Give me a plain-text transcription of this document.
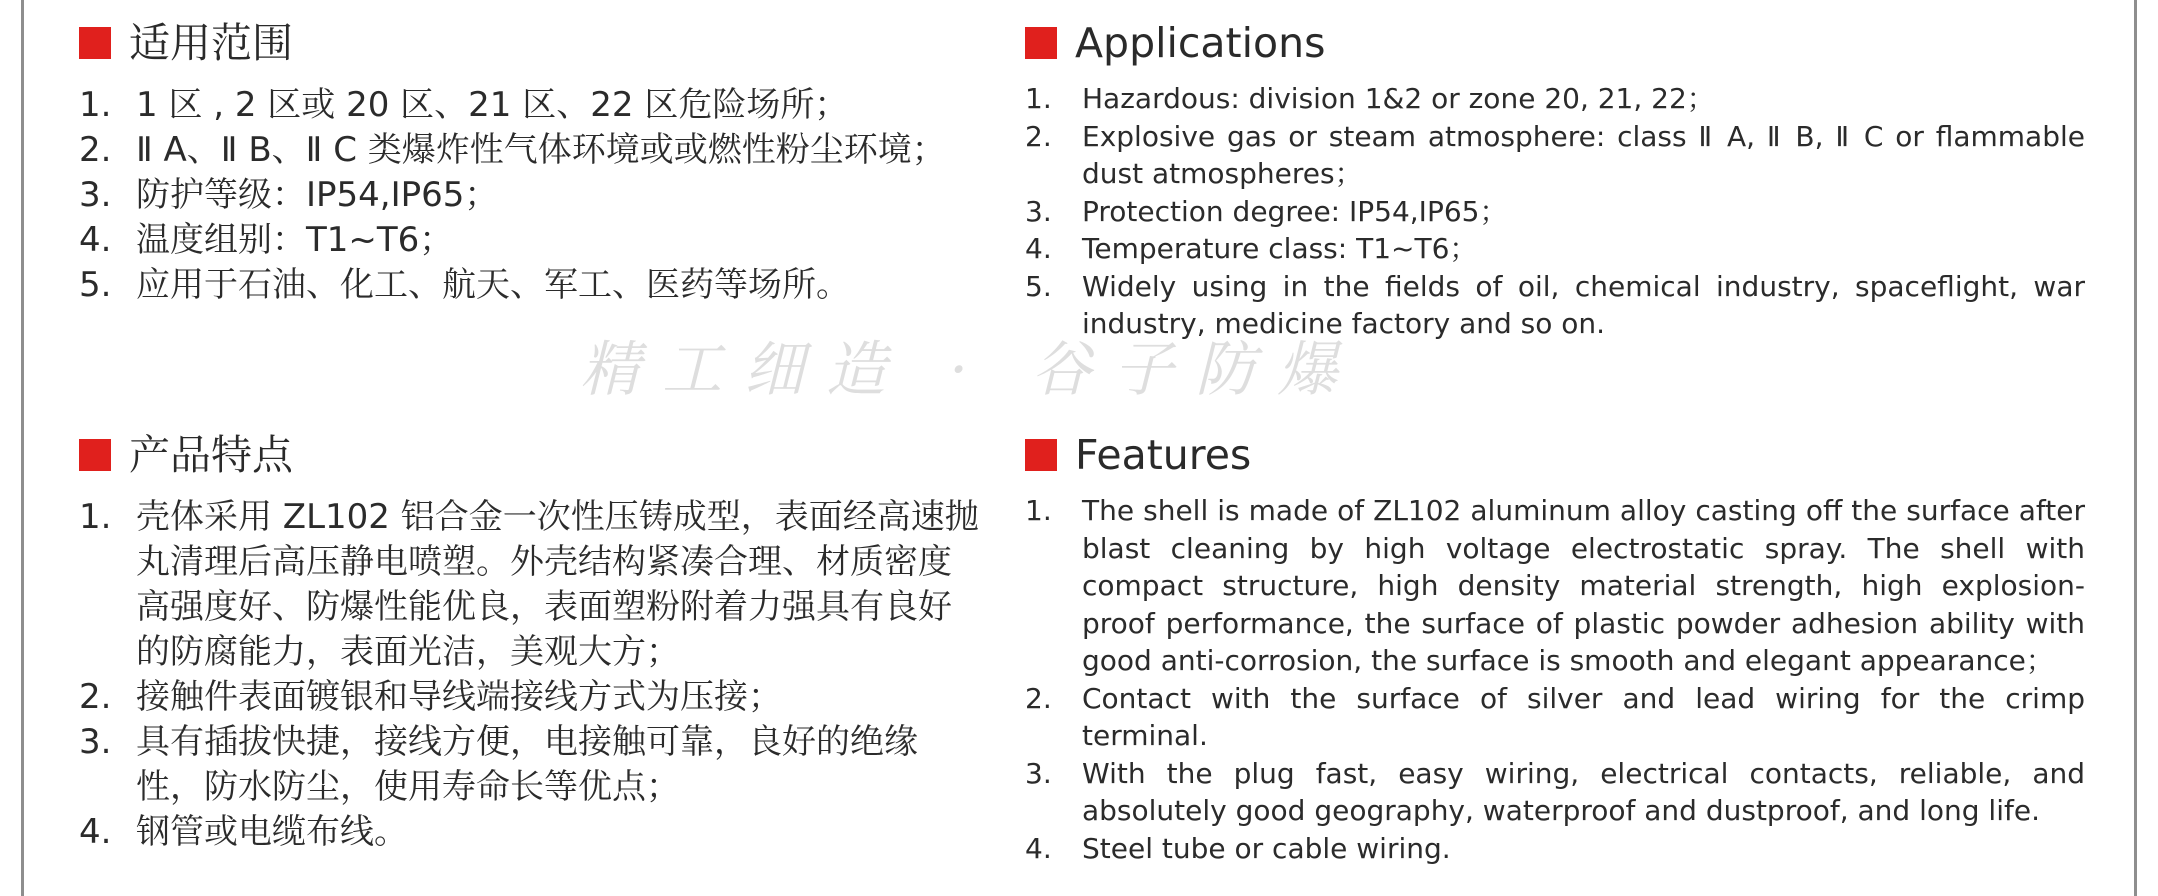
适用范围
1. 1 区 , 2 区或 20 区、21 区、22 区危险场所；
2. Ⅱ A、Ⅱ B、Ⅱ C 类爆炸性气体环境或或燃性粉尘环境；
3. 防护等级：IP54,IP65；
4. 温度组别：T1~T6；
5. 应用于石油、化工、航天、军工、医药等场所。
产品特点
1. 壳体采用 ZL102 铝合金一次性压铸成型，表面经高速抛丸清理后高压静电喷塑。外壳结构紧凑合理、材质密度高强度好、防爆性能优良，表面塑粉附着力强具有良好的防腐能力，表面光洁，美观大方；
2. 接触件表面镀银和导线端接线方式为压接；
3. 具有插拔快捷，接线方便，电接触可靠，良好的绝缘性，防水防尘，使用寿命长等优点；
4. 钢管或电缆布线。
Applications
1. Hazardous: division 1&2 or zone 20, 21, 22；
2. Explosive gas or steam atmosphere: class Ⅱ A, Ⅱ B, Ⅱ C or flammable dust atmospheres；
3. Protection degree: IP54,IP65；
4. Temperature class: T1~T6；
5. Widely using in the fields of oil, chemical industry, spaceflight, war industry, medicine factory and so on.
Features
1. The shell is made of ZL102 aluminum alloy casting off the surface after blast cleaning by high voltage electrostatic spray. The shell with compact structure, high density material strength, high explosion-proof performance, the surface of plastic powder adhesion ability with good anti-corrosion, the surface is smooth and elegant appearance；
2. Contact with the surface of silver and lead wiring for the crimp terminal.
3. With the plug fast, easy wiring, electrical contacts, reliable, and absolutely good geography, waterproof and dustproof, and long life.
4. Steel tube or cable wiring.
精工细造 · 谷子防爆
